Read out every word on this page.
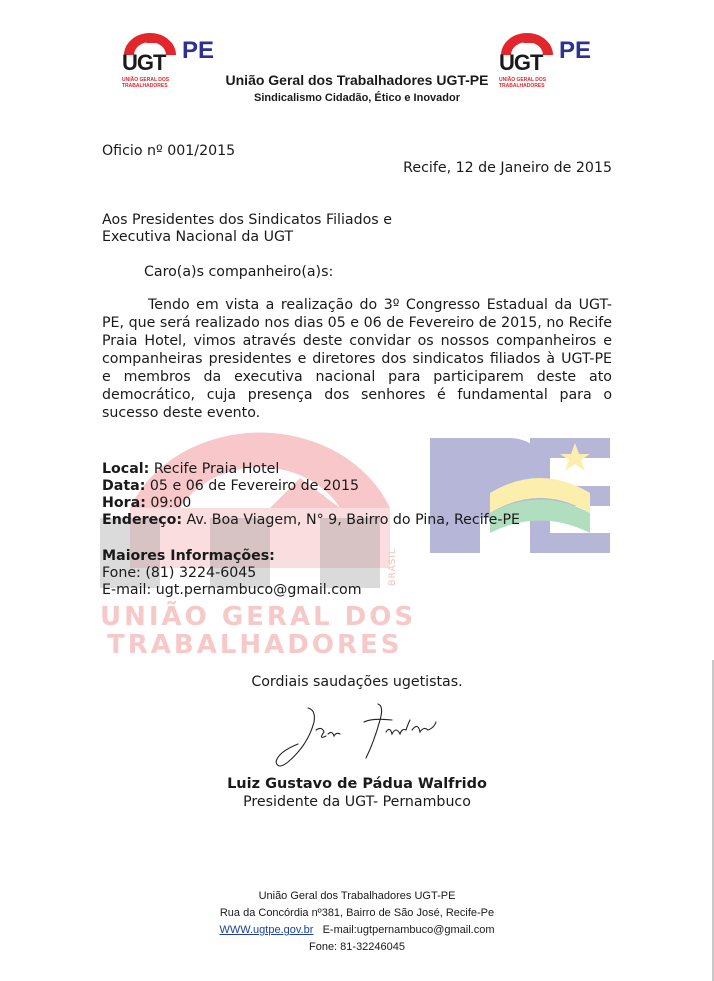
BRASIL
UNIÃO GERAL DOS
TRABALHADORES
UGT PE
UNIÃO GERAL DOS
TRABALHADORES
UGT PE
UNIÃO GERAL DOS
TRABALHADORES
União Geral dos Trabalhadores UGT-PE
Sindicalismo Cidadão, Ético e Inovador
Oficio nº 001/2015
Recife, 12 de Janeiro de 2015
Aos Presidentes dos Sindicatos Filiados e
Executiva Nacional da UGT
Caro(a)s companheiro(a)s:
Tendo em vista a realização do 3º Congresso Estadual da UGT-PE, que será realizado nos dias 05 e 06 de Fevereiro de 2015, no Recife Praia Hotel, vimos através deste convidar os nossos companheiros e companheiras presidentes e diretores dos sindicatos filiados à UGT-PE e membros da executiva nacional para participarem deste ato democrático, cuja presença dos senhores é fundamental para o sucesso deste evento.
Local: Recife Praia Hotel
Data: 05 e 06 de Fevereiro de 2015
Hora: 09:00
Endereço: Av. Boa Viagem, N° 9, Bairro do Pina, Recife-PE
Maiores Informações:
Fone: (81) 3224-6045
E-mail: ugt.pernambuco@gmail.com
Cordiais saudações ugetistas.
Luiz Gustavo de Pádua Walfrido
Presidente da UGT- Pernambuco
União Geral dos Trabalhadores UGT-PE
Rua da Concórdia nº381, Bairro de São José, Recife-Pe
WWW.ugtpe.gov.br E-mail:ugtpernambuco@gmail.com
Fone: 81-32246045
